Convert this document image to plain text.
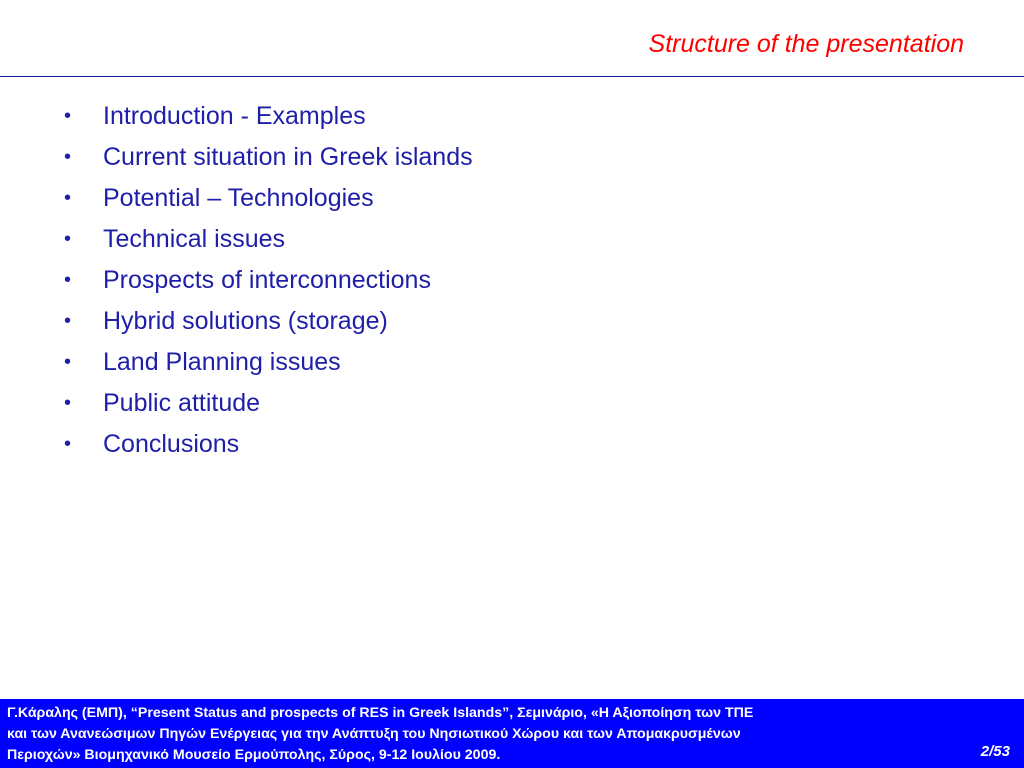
Structure of the presentation
•	Introduction - Examples
•	Current situation in Greek islands
•	Potential – Technologies
•	Technical issues
•	Prospects of interconnections
•	Hybrid solutions (storage)
•	Land Planning issues
•	Public attitude
•	Conclusions
Γ.Κάραλης (ΕΜΠ), “Present Status and prospects of RES in Greek Islands”, Σεμινάριο, «Η Αξιοποίηση των ΤΠΕ
και των Ανανεώσιμων Πηγών Ενέργειας για την Ανάπτυξη του Νησιωτικού Χώρου και των Απομακρυσμένων
Περιοχών» Βιομηχανικό Μουσείο Ερμούπολης, Σύρος, 9-12 Ιουλίου 2009.	2/53
